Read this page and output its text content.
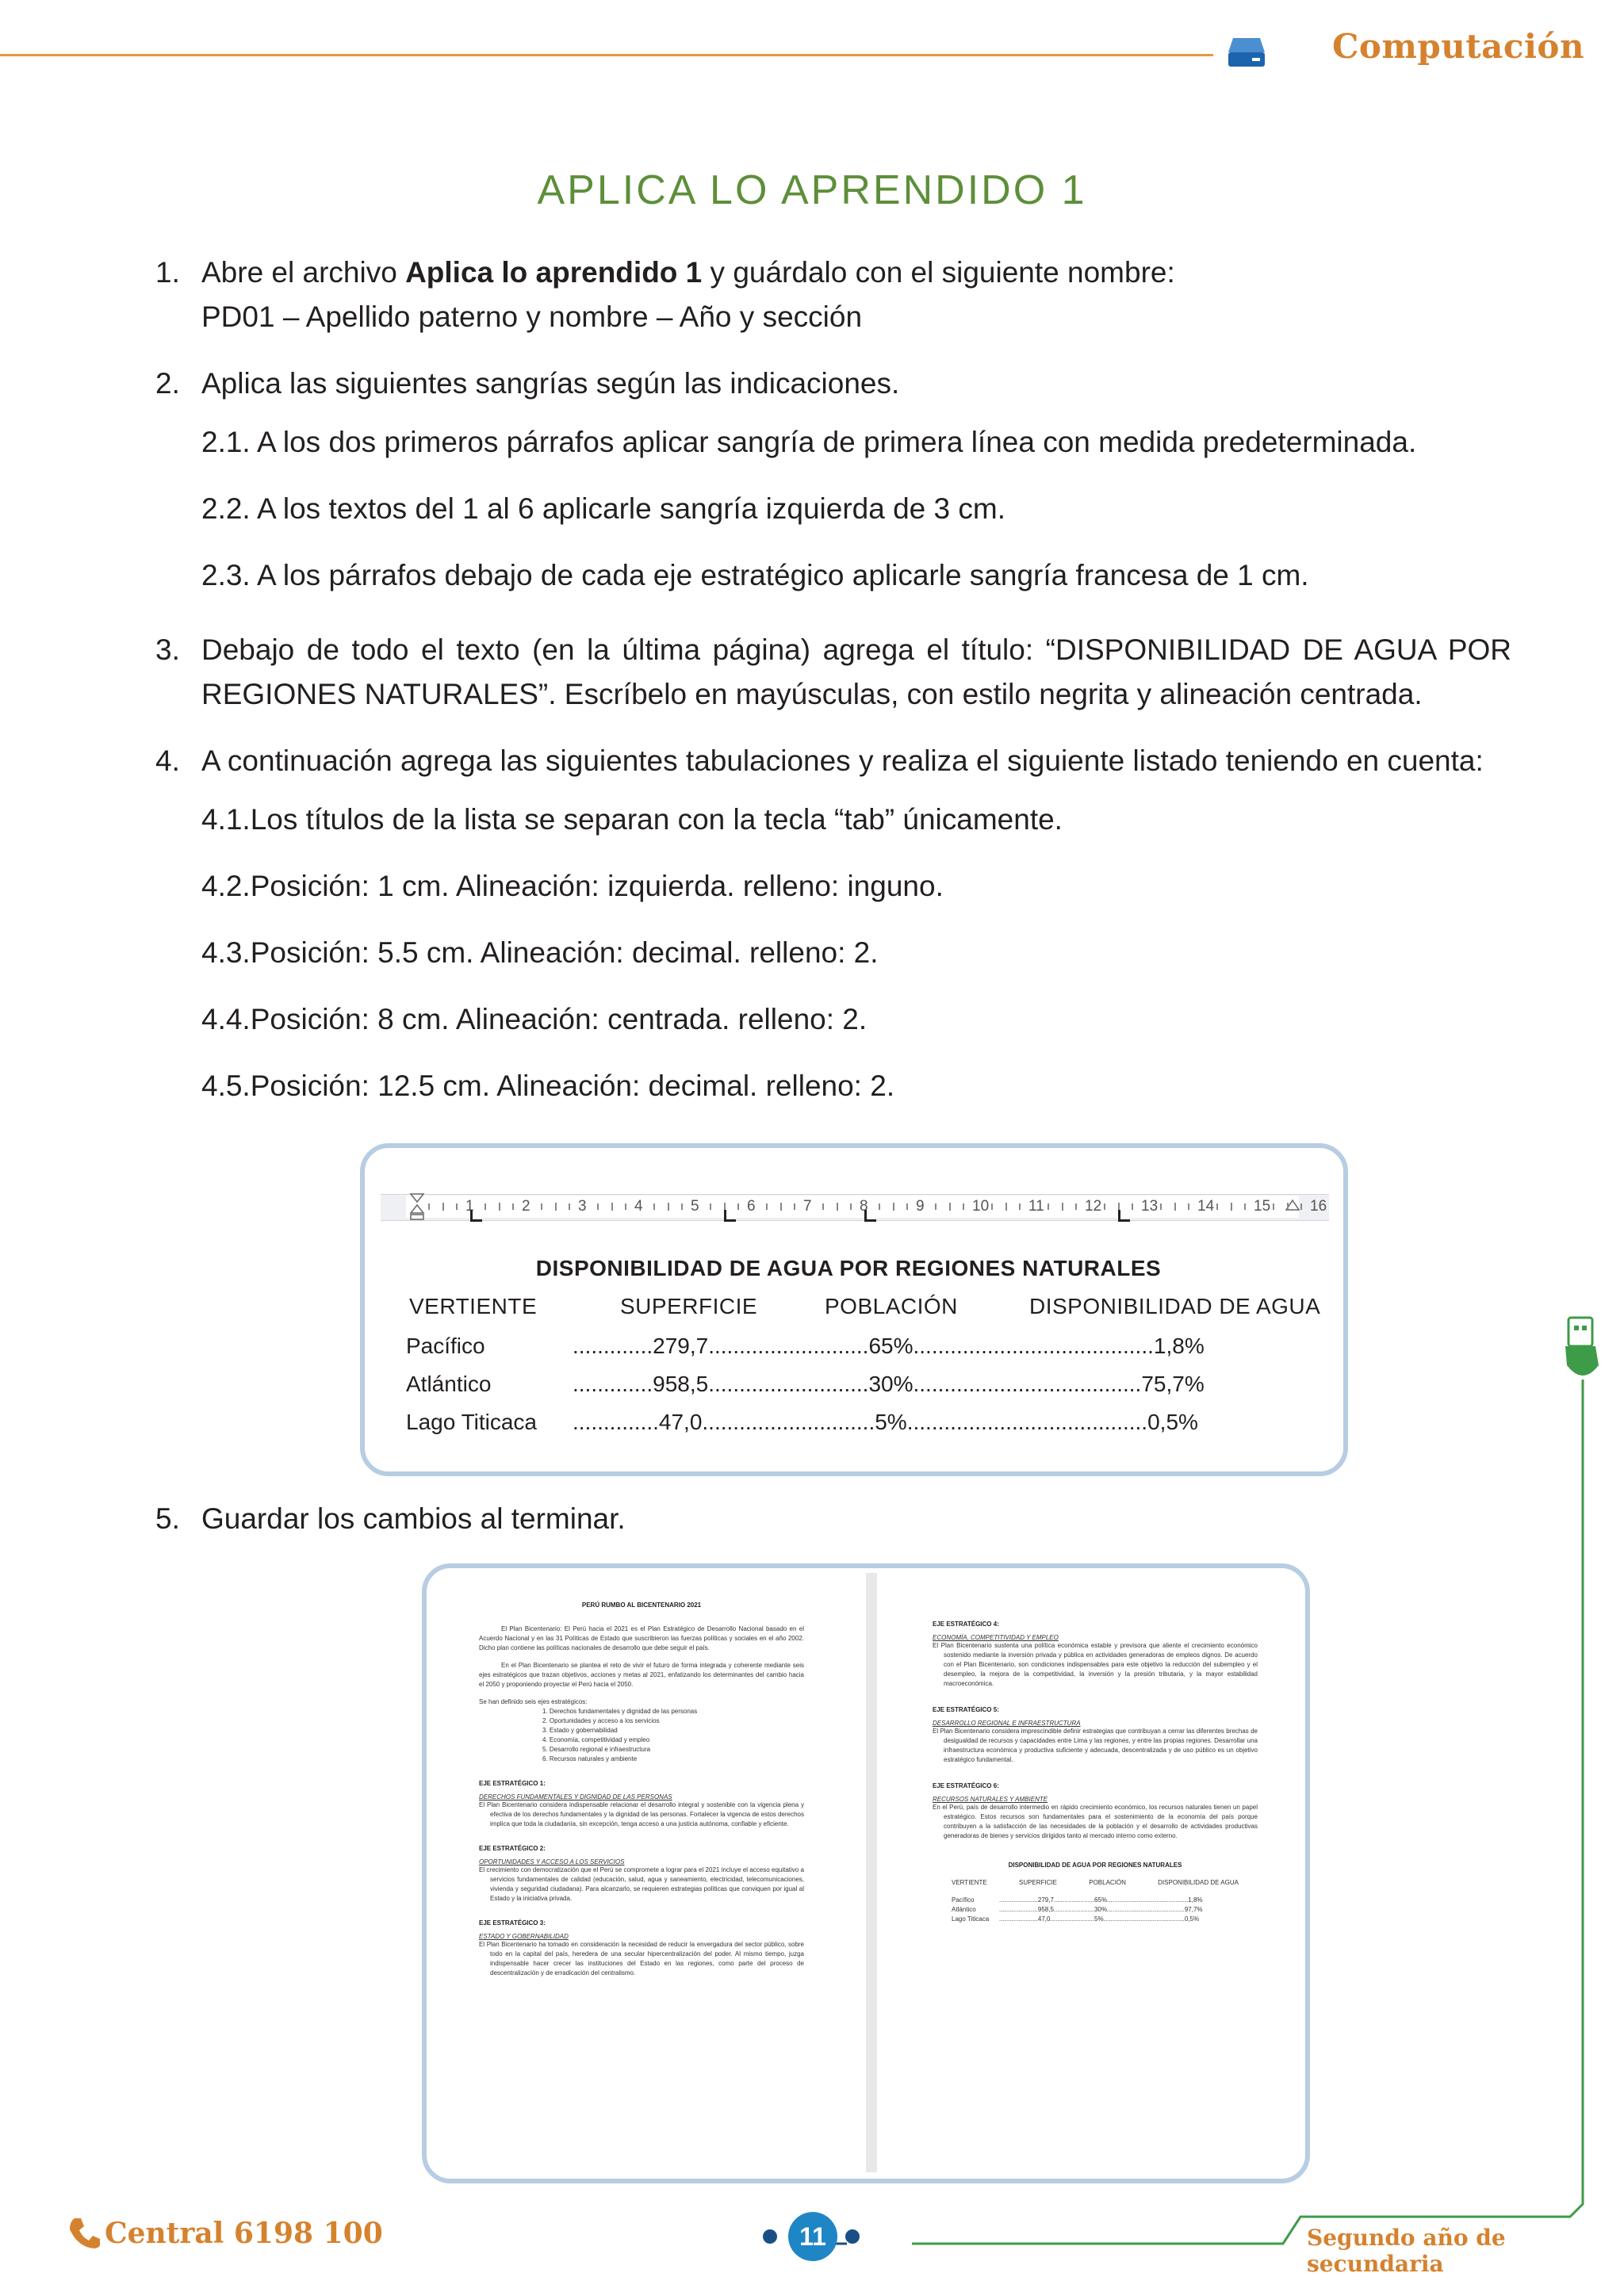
Computación
APLICA LO APRENDIDO 1
1. Abre el archivo Aplica lo aprendido 1 y guárdalo con el siguiente nombre:
PD01 – Apellido paterno y nombre – Año y sección
2. Aplica las siguientes sangrías según las indicaciones.
2.1. A los dos primeros párrafos aplicar sangría de primera línea con medida predeterminada.
2.2. A los textos del 1 al 6 aplicarle sangría izquierda de 3 cm.
2.3. A los párrafos debajo de cada eje estratégico aplicarle sangría francesa de 1 cm.
3. Debajo de todo el texto (en la última página) agrega el título: “DISPONIBILIDAD DE AGUA POR
REGIONES NATURALES”. Escríbelo en mayúsculas, con estilo negrita y alineación centrada.
4. A continuación agrega las siguientes tabulaciones y realiza el siguiente listado teniendo en cuenta:
4.1.Los títulos de la lista se separan con la tecla “tab” únicamente.
4.2.Posición: 1 cm. Alineación: izquierda. relleno: inguno.
4.3.Posición: 5.5 cm. Alineación: decimal. relleno: 2.
4.4.Posición: 8 cm. Alineación: centrada. relleno: 2.
4.5.Posición: 12.5 cm. Alineación: decimal. relleno: 2.
1	2	3	4	5	6	7	8	9	10	11	12	13	14	15	16
DISPONIBILIDAD DE AGUA POR REGIONES NATURALES
VERTIENTE	SUPERFICIE	POBLACIÓN	DISPONIBILIDAD DE AGUA
Pacífico	.............279,7..........................65%.......................................1,8%
Atlántico	.............958,5..........................30%.....................................75,7%
Lago Titicaca ..............47,0............................5%.......................................0,5%
5. Guardar los cambios al terminar.
PERÚ RUMBO AL BICENTENARIO 2021
El Plan Bicentenario: El Perú hacia el 2021 es el Plan Estratégico de Desarrollo Nacional basado en el Acuerdo Nacional y en las 31 Políticas de Estado que suscribieron las fuerzas políticas y sociales en el año 2002. Dicho plan contiene las políticas nacionales de desarrollo que debe seguir el país.
En el Plan Bicentenario se plantea el reto de vivir el futuro de forma integrada y coherente mediante seis ejes estratégicos que trazan objetivos, acciones y metas al 2021, enfatizando los determinantes del cambio hacia el 2050 y proponiendo proyectar el Perú hacia el 2050.
Se han definido seis ejes estratégicos:
1. Derechos fundamentales y dignidad de las personas
2. Oportunidades y acceso a los servicios
3. Estado y gobernabilidad
4. Economía, competitividad y empleo
5. Desarrollo regional e infraestructura
6. Recursos naturales y ambiente
EJE ESTRATÉGICO 1:
DERECHOS FUNDAMENTALES Y DIGNIDAD DE LAS PERSONAS
El Plan Bicentenario considera indispensable relacionar el desarrollo integral y sostenible con la vigencia plena y efectiva de los derechos fundamentales y la dignidad de las personas. Fortalecer la vigencia de estos derechos implica que toda la ciudadanía, sin excepción, tenga acceso a una justicia autónoma, confiable y eficiente.
EJE ESTRATÉGICO 2:
OPORTUNIDADES Y ACCESO A LOS SERVICIOS
El crecimiento con democratización que el Perú se compromete a lograr para el 2021 incluye el acceso equitativo a servicios fundamentales de calidad (educación, salud, agua y saneamiento, electricidad, telecomunicaciones, vivienda y seguridad ciudadana). Para alcanzarlo, se requieren estrategias políticas que conviquen por igual al Estado y la iniciativa privada.
EJE ESTRATÉGICO 3:
ESTADO Y GOBERNABILIDAD
El Plan Bicentenario ha tomado en consideración la necesidad de reducir la envergadura del sector público, sobre todo en la capital del país, heredera de una secular hipercentralización del poder. Al mismo tiempo, juzga indispensable hacer crecer las instituciones del Estado en las regiones, como parte del proceso de descentralización y de erradicación del centralismo.
EJE ESTRATÉGICO 4:
ECONOMÍA, COMPETITIVIDAD Y EMPLEO
El Plan Bicentenario sustenta una política económica estable y previsora que aliente el crecimiento económico sostenido mediante la inversión privada y pública en actividades generadoras de empleos dignos. De acuerdo con el Plan Bicentenario, son condiciones indispensables para este objetivo la reducción del subempleo y el desempleo, la mejora de la competitividad, la inversión y la presión tributaria, y la mayor estabilidad macroeconómica.
EJE ESTRATÉGICO 5:
DESARROLLO REGIONAL E INFRAESTRUCTURA
El Plan Bicentenario considera imprescindible definir estrategias que contribuyan a cerrar las diferentes brechas de desigualdad de recursos y capacidades entre Lima y las regiones, y entre las propias regiones. Desarrollar una infraestructura económica y productiva suficiente y adecuada, descentralizada y de uso público es un objetivo estratégico fundamental.
EJE ESTRATÉGICO 6:
RECURSOS NATURALES Y AMBIENTE
En el Perú, país de desarrollo intermedio en rápido crecimiento económico, los recursos naturales tienen un papel estratégico. Estos recursos son fundamentales para el sostenimiento de la economía del país porque contribuyen a la satisfacción de las necesidades de la población y el desarrollo de actividades productivas generadoras de bienes y servicios dirigidos tanto al mercado interno como externo.
DISPONIBILIDAD DE AGUA POR REGIONES NATURALES
VERTIENTE	SUPERFICIE	POBLACIÓN	DISPONIBILIDAD DE AGUA
Pacífico	......................279,7.......................65%..............................................1,8%
Atlántico	......................958,5.......................30%............................................97,7%
Lago Titicaca ......................47,0.........................5%..............................................0,5%
Central 6198 100	11	Segundo año de secundaria
